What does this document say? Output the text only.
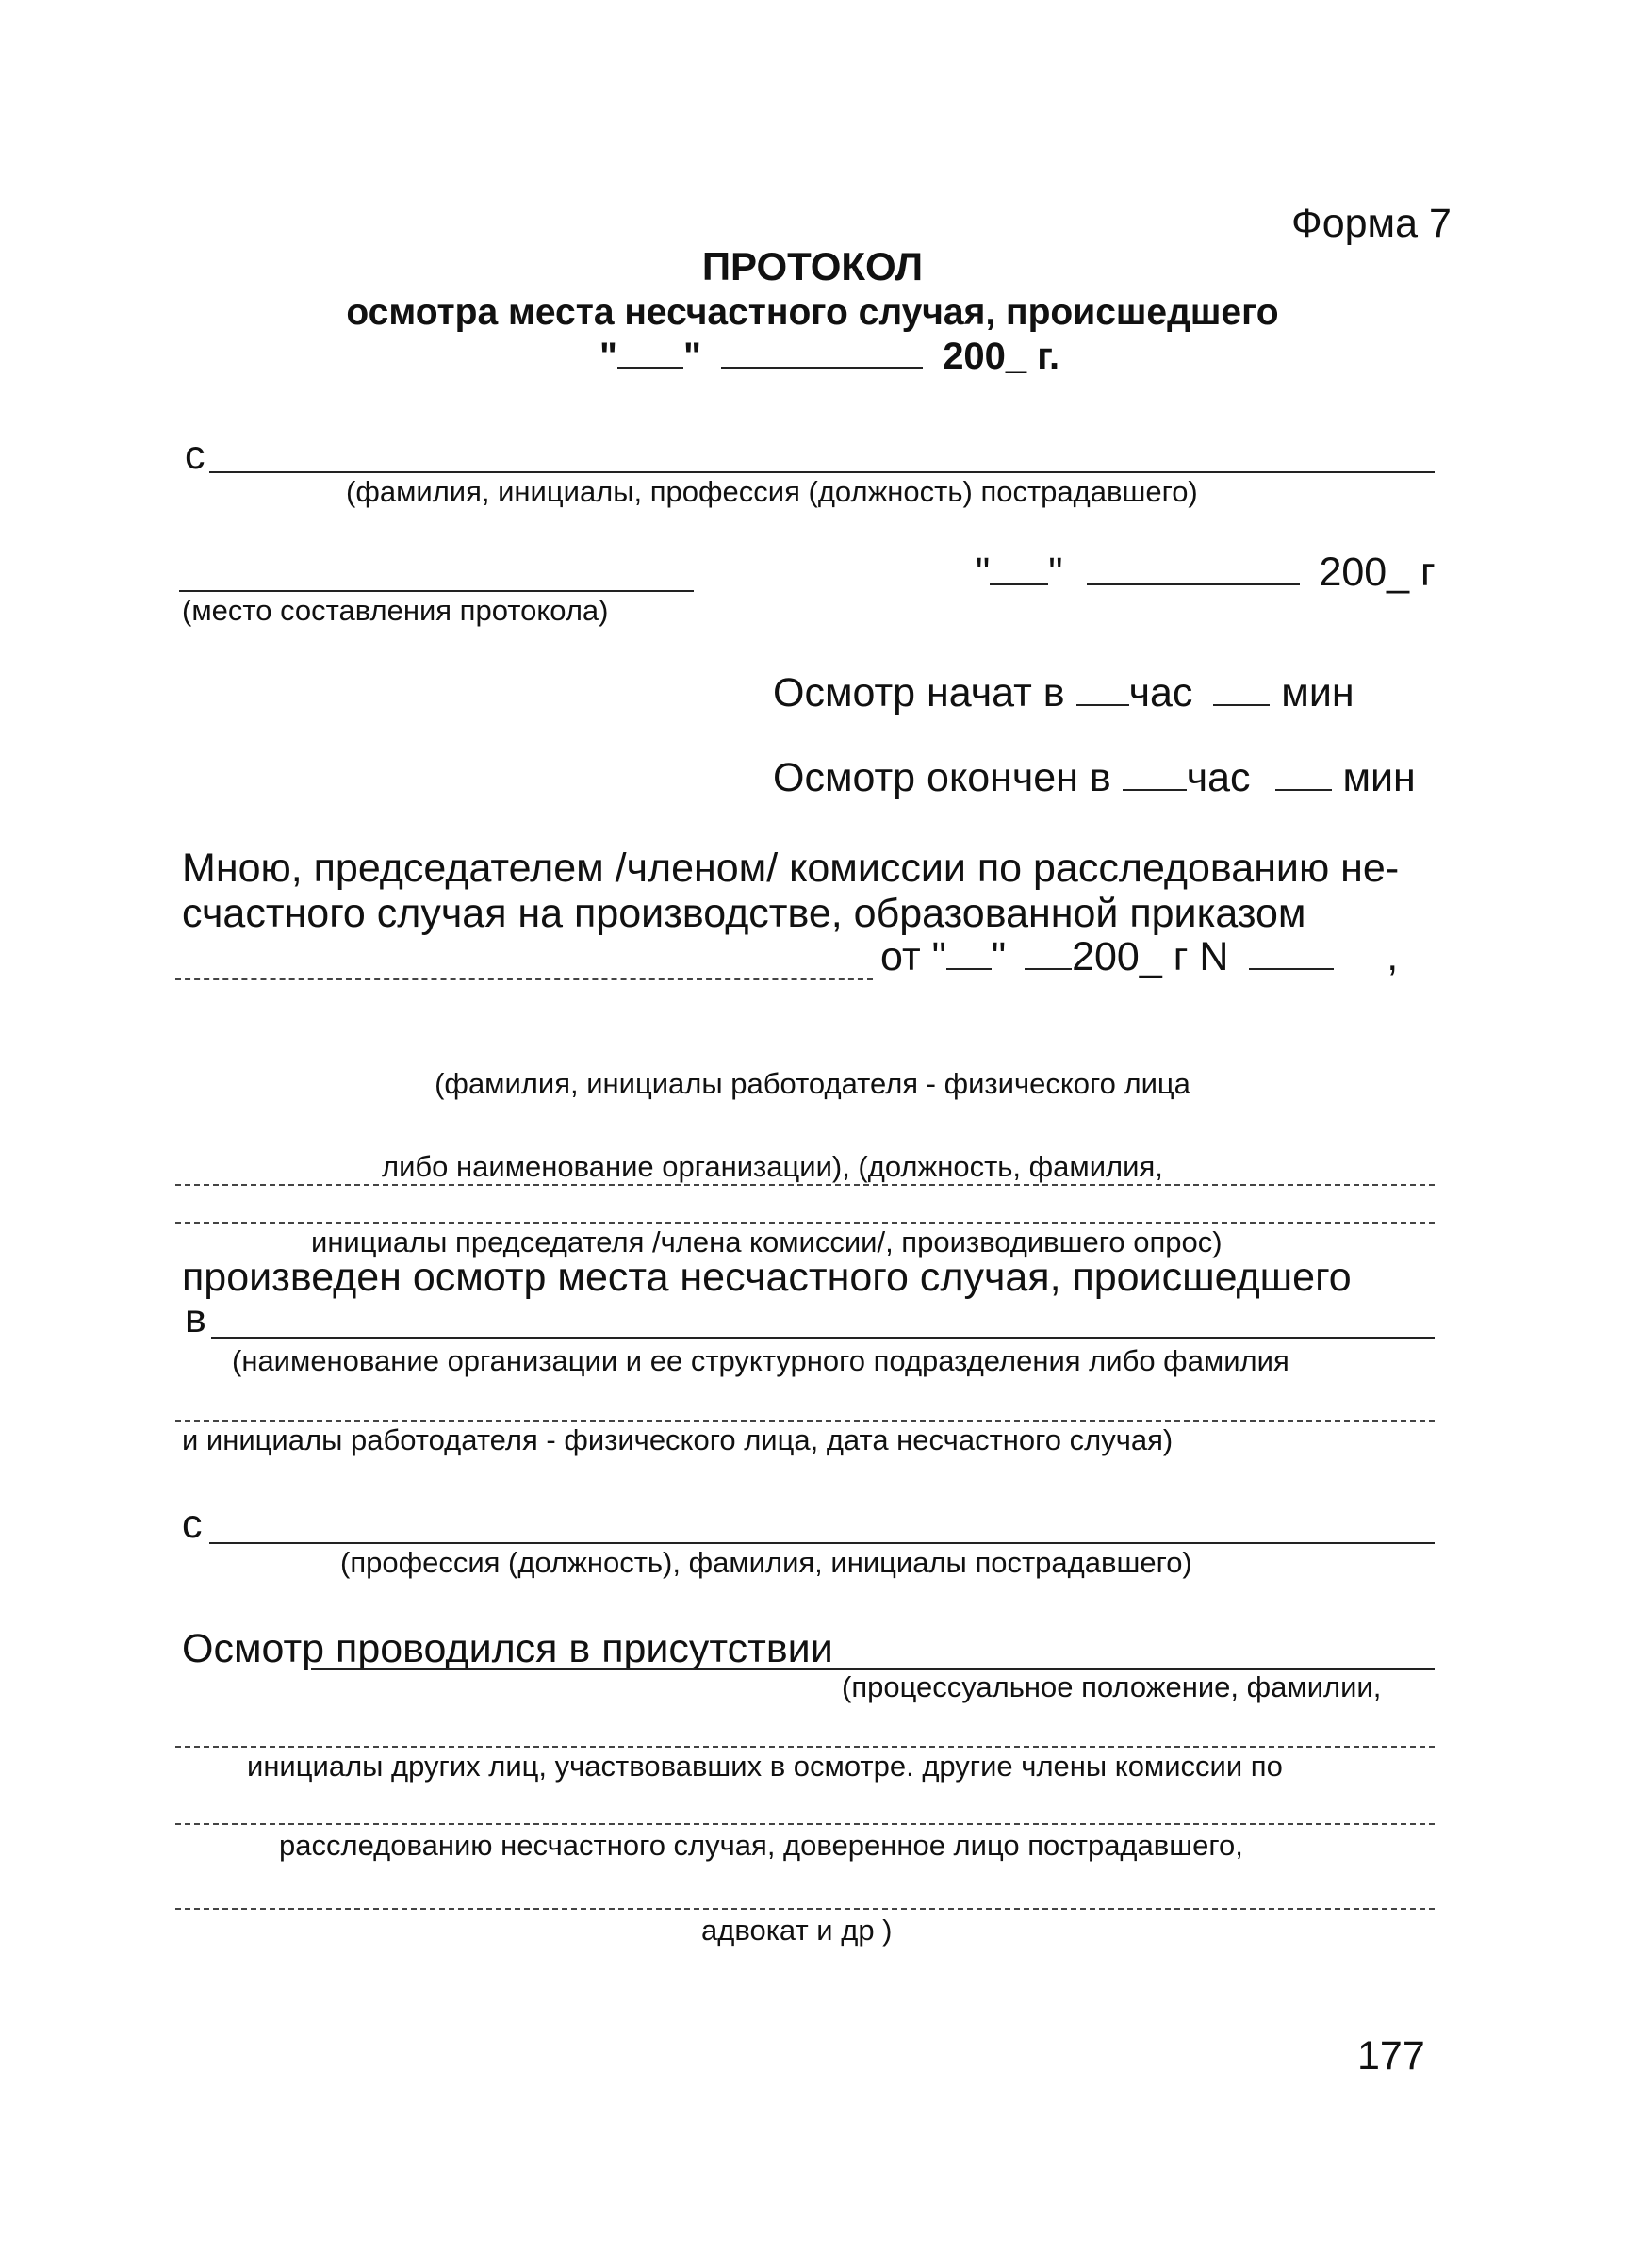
Форма 7
ПРОТОКОЛ
осмотра места несчастного случая, происшедшего
" "	200_ г.
с
(фамилия, инициалы, профессия (должность) пострадавшего)
(место составления протокола)
" "	200_ г
Осмотр начат в час мин
Осмотр окончен в час мин
Мною, председателем /членом/ комиссии по расследованию не-
счастного случая на производстве, образованной приказом
от " " 200_ г N	,
(фамилия, инициалы работодателя - физического лица
либо наименование организации), (должность, фамилия,
инициалы председателя /члена комиссии/, производившего опрос)
произведен осмотр места несчастного случая, происшедшего
в
(наименование организации и ее структурного подразделения либо фамилия
и инициалы работодателя - физического лица, дата несчастного случая)
с
(профессия (должность), фамилия, инициалы пострадавшего)
Осмотр проводился в присутствии
(процессуальное положение, фамилии,
инициалы других лиц, участвовавших в осмотре. другие члены комиссии по
расследованию несчастного случая, доверенное лицо пострадавшего,
адвокат и др )
177
